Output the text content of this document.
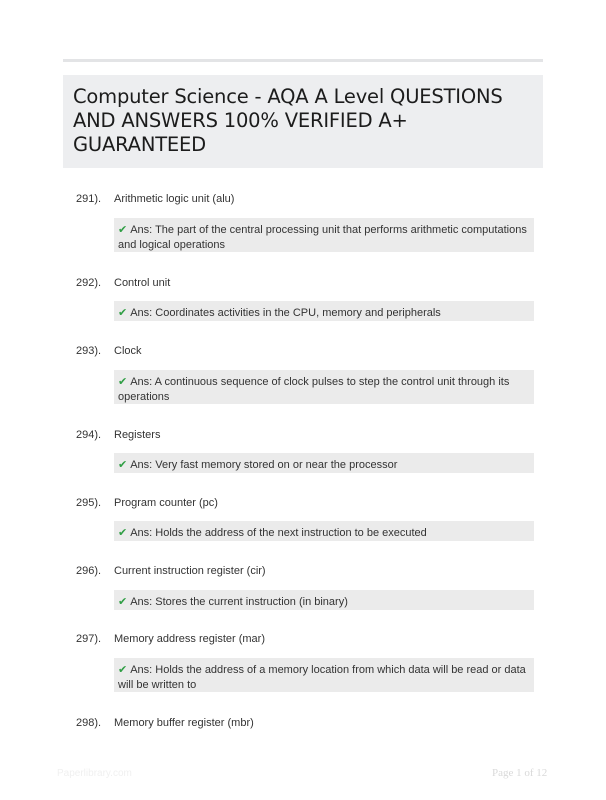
Computer Science - AQA A Level QUESTIONS AND ANSWERS 100% VERIFIED A+ GUARANTEED
291). Arithmetic logic unit (alu)
✔ Ans: The part of the central processing unit that performs arithmetic computations and logical operations
292). Control unit
✔ Ans: Coordinates activities in the CPU, memory and peripherals
293). Clock
✔ Ans: A continuous sequence of clock pulses to step the control unit through its operations
294). Registers
✔ Ans: Very fast memory stored on or near the processor
295). Program counter (pc)
✔ Ans: Holds the address of the next instruction to be executed
296). Current instruction register (cir)
✔ Ans: Stores the current instruction (in binary)
297). Memory address register (mar)
✔ Ans: Holds the address of a memory location from which data will be read or data will be written to
298). Memory buffer register (mbr)
Paperlibrary.com	Page 1 of 12
